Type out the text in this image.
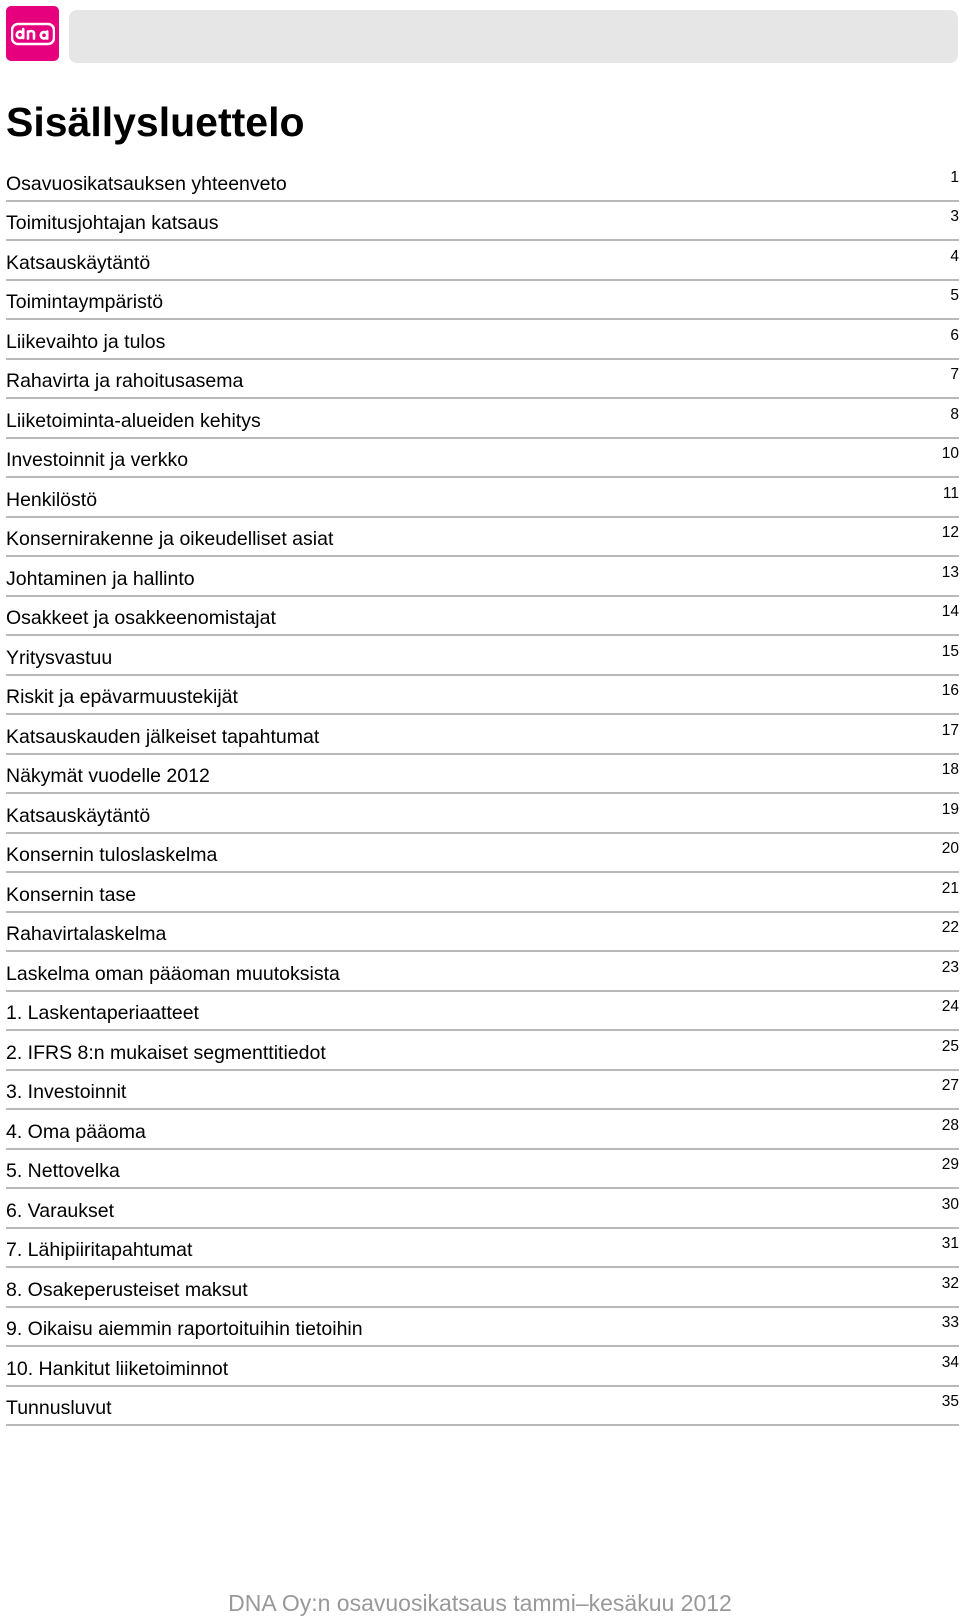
Sisällysluettelo
Osavuosikatsauksen yhteenveto	1
Toimitusjohtajan katsaus	3
Katsauskäytäntö	4
Toimintaympäristö	5
Liikevaihto ja tulos	6
Rahavirta ja rahoitusasema	7
Liiketoiminta-alueiden kehitys	8
Investoinnit ja verkko	10
Henkilöstö	11
Konsernirakenne ja oikeudelliset asiat	12
Johtaminen ja hallinto	13
Osakkeet ja osakkeenomistajat	14
Yritysvastuu	15
Riskit ja epävarmuustekijät	16
Katsauskauden jälkeiset tapahtumat	17
Näkymät vuodelle 2012	18
Katsauskäytäntö	19
Konsernin tuloslaskelma	20
Konsernin tase	21
Rahavirtalaskelma	22
Laskelma oman pääoman muutoksista	23
1. Laskentaperiaatteet	24
2. IFRS 8:n mukaiset segmenttitiedot	25
3. Investoinnit	27
4. Oma pääoma	28
5. Nettovelka	29
6. Varaukset	30
7. Lähipiiritapahtumat	31
8. Osakeperusteiset maksut	32
9. Oikaisu aiemmin raportoituihin tietoihin	33
10. Hankitut liiketoiminnot	34
Tunnusluvut	35
DNA Oy:n osavuosikatsaus tammi–kesäkuu 2012
